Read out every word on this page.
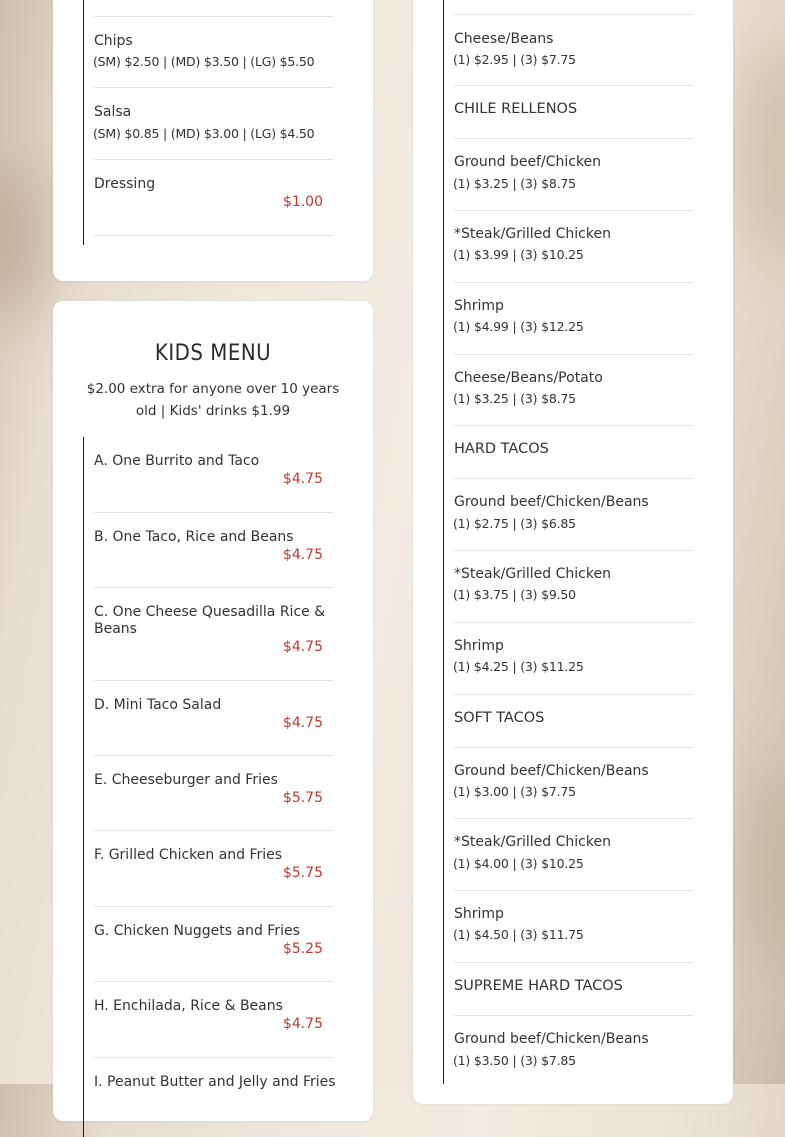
Chips
(SM) $2.50 | (MD) $3.50 | (LG) $5.50
Salsa
(SM) $0.85 | (MD) $3.00 | (LG) $4.50
Dressing
$1.00
KIDS MENU
$2.00 extra for anyone over 10 years old | Kids' drinks $1.99
A. One Burrito and Taco
$4.75
B. One Taco, Rice and Beans
$4.75
C. One Cheese Quesadilla Rice & Beans
$4.75
D. Mini Taco Salad
$4.75
E. Cheeseburger and Fries
$5.75
F. Grilled Chicken and Fries
$5.75
G. Chicken Nuggets and Fries
$5.25
H. Enchilada, Rice & Beans
$4.75
I. Peanut Butter and Jelly and Fries
Cheese/Beans
(1) $2.95 | (3) $7.75
CHILE RELLENOS
Ground beef/Chicken
(1) $3.25 | (3) $8.75
*Steak/Grilled Chicken
(1) $3.99 | (3) $10.25
Shrimp
(1) $4.99 | (3) $12.25
Cheese/Beans/Potato
(1) $3.25 | (3) $8.75
HARD TACOS
Ground beef/Chicken/Beans
(1) $2.75 | (3) $6.85
*Steak/Grilled Chicken
(1) $3.75 | (3) $9.50
Shrimp
(1) $4.25 | (3) $11.25
SOFT TACOS
Ground beef/Chicken/Beans
(1) $3.00 | (3) $7.75
*Steak/Grilled Chicken
(1) $4.00 | (3) $10.25
Shrimp
(1) $4.50 | (3) $11.75
SUPREME HARD TACOS
Ground beef/Chicken/Beans
(1) $3.50 | (3) $7.85
